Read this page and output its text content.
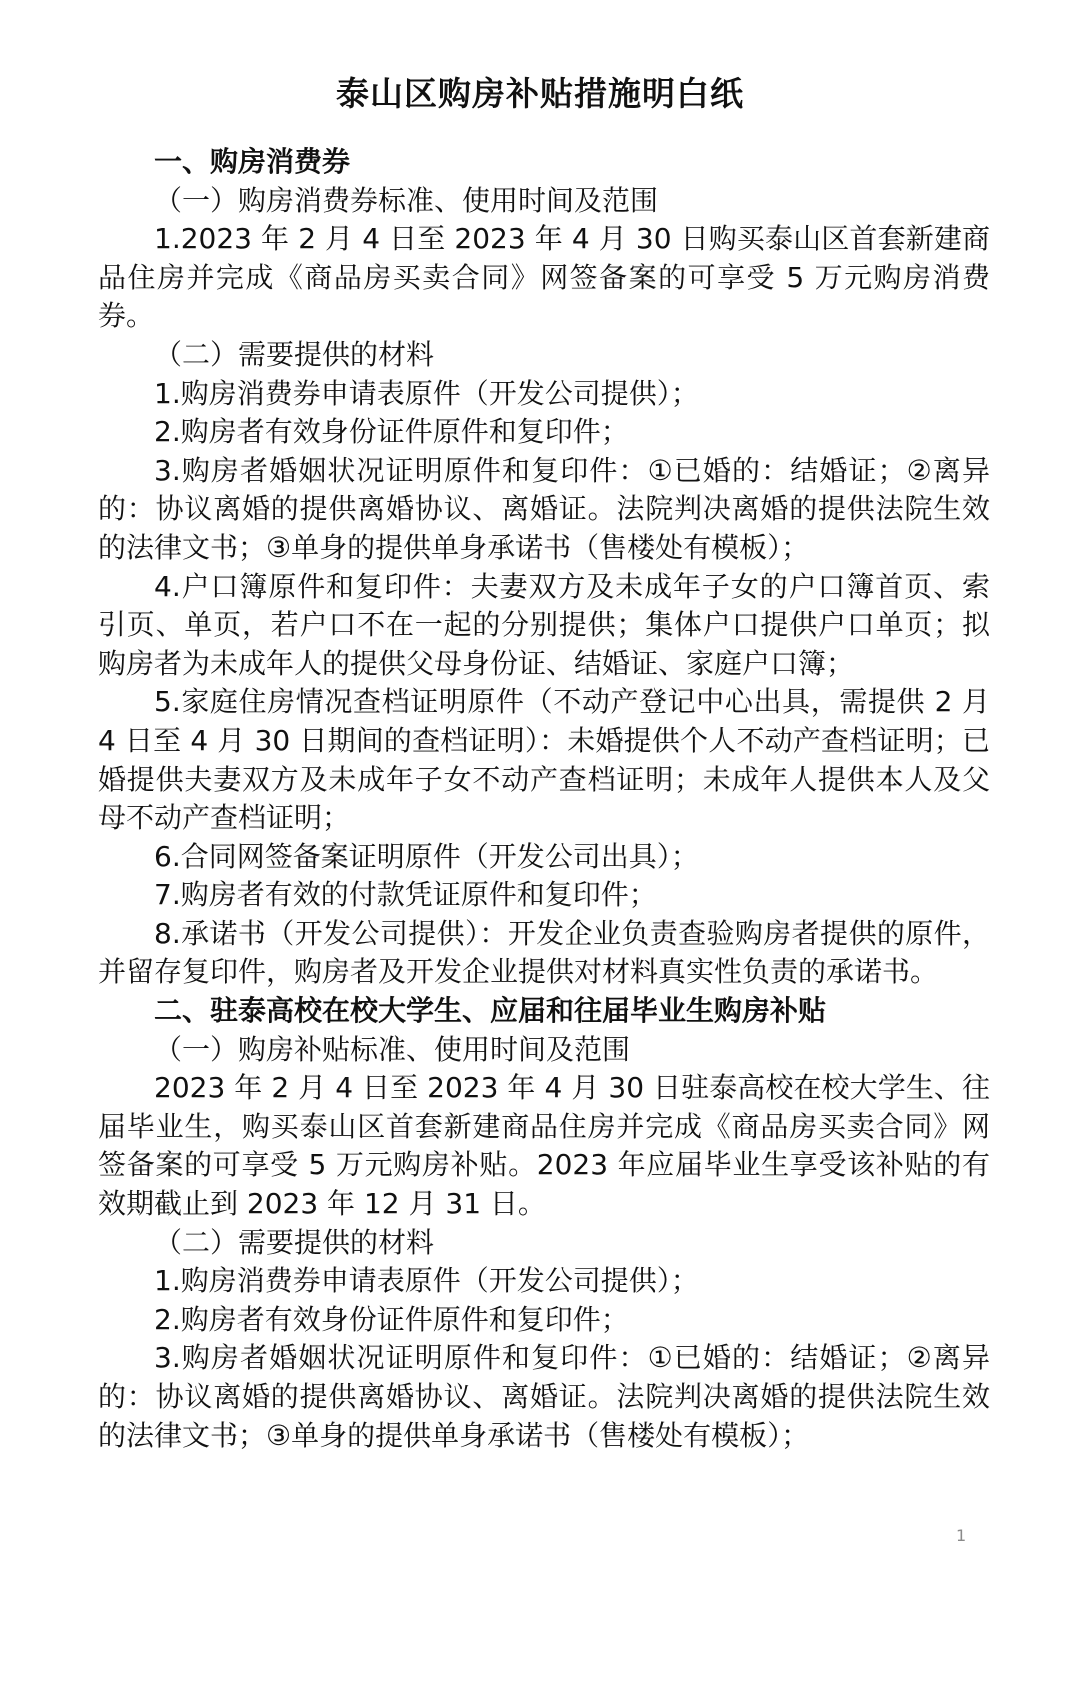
泰山区购房补贴措施明白纸

一、购房消费券

（一）购房消费券标准、使用时间及范围

1.2023 年 2 月 4 日至 2023 年 4 月 30 日购买泰山区首套新建商品住房并完成《商品房买卖合同》网签备案的可享受 5 万元购房消费券。

（二）需要提供的材料

1.购房消费券申请表原件（开发公司提供）；

2.购房者有效身份证件原件和复印件；

3.购房者婚姻状况证明原件和复印件：①已婚的：结婚证；②离异的：协议离婚的提供离婚协议、离婚证。法院判决离婚的提供法院生效的法律文书；③单身的提供单身承诺书（售楼处有模板）；

4.户口簿原件和复印件：夫妻双方及未成年子女的户口簿首页、索引页、单页，若户口不在一起的分别提供；集体户口提供户口单页；拟购房者为未成年人的提供父母身份证、结婚证、家庭户口簿；

5.家庭住房情况查档证明原件（不动产登记中心出具，需提供 2 月 4 日至 4 月 30 日期间的查档证明）：未婚提供个人不动产查档证明；已婚提供夫妻双方及未成年子女不动产查档证明；未成年人提供本人及父母不动产查档证明；

6.合同网签备案证明原件（开发公司出具）；

7.购房者有效的付款凭证原件和复印件；

8.承诺书（开发公司提供）：开发企业负责查验购房者提供的原件，并留存复印件，购房者及开发企业提供对材料真实性负责的承诺书。

二、驻泰高校在校大学生、应届和往届毕业生购房补贴

（一）购房补贴标准、使用时间及范围

2023 年 2 月 4 日至 2023 年 4 月 30 日驻泰高校在校大学生、往届毕业生，购买泰山区首套新建商品住房并完成《商品房买卖合同》网签备案的可享受 5 万元购房补贴。2023 年应届毕业生享受该补贴的有效期截止到 2023 年 12 月 31 日。

（二）需要提供的材料

1.购房消费券申请表原件（开发公司提供）；

2.购房者有效身份证件原件和复印件；

3.购房者婚姻状况证明原件和复印件：①已婚的：结婚证；②离异的：协议离婚的提供离婚协议、离婚证。法院判决离婚的提供法院生效的法律文书；③单身的提供单身承诺书（售楼处有模板）；

1
